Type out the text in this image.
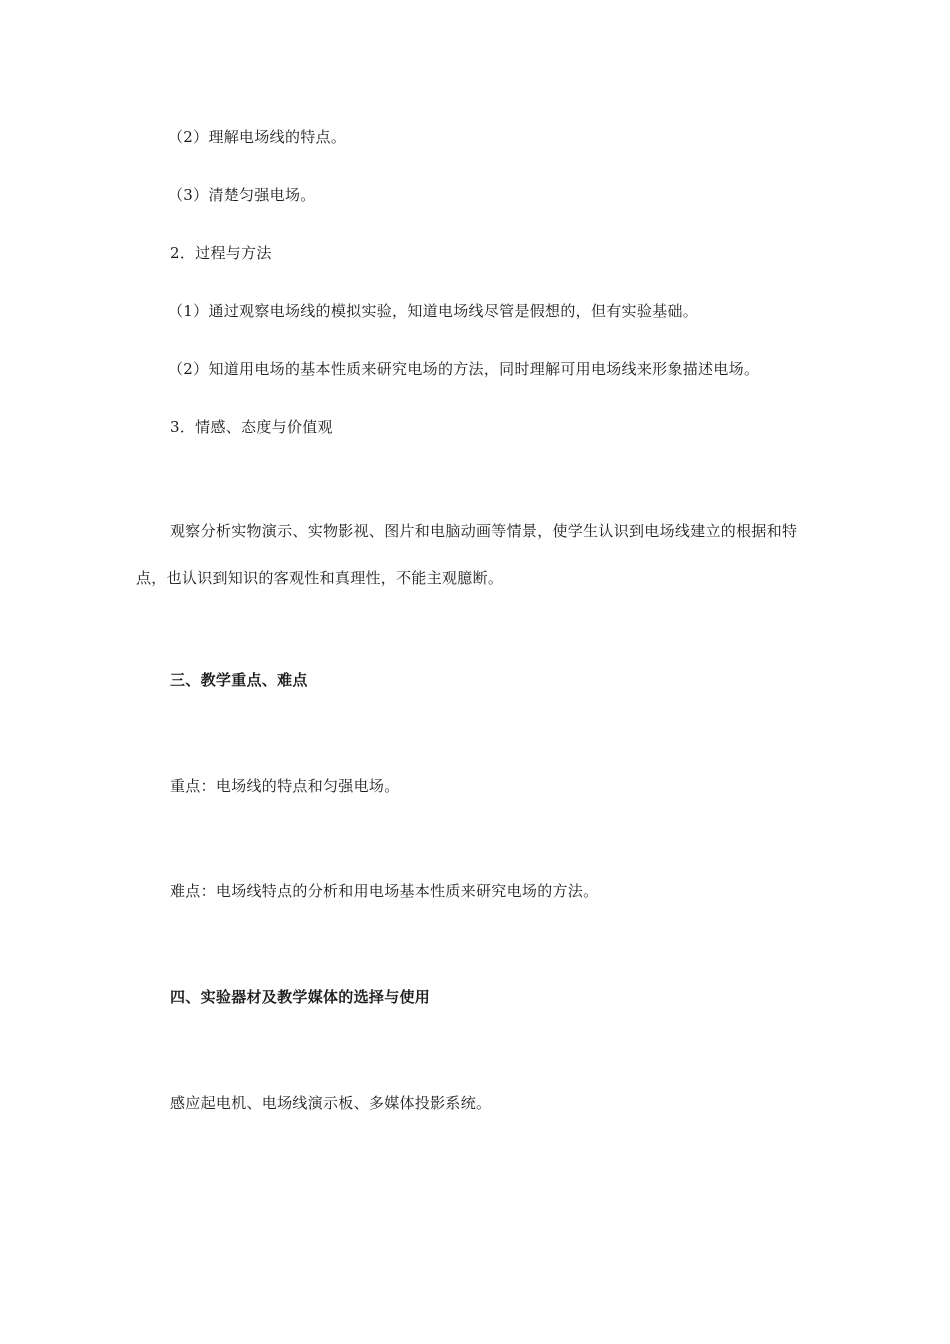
（2）理解电场线的特点。
（3）清楚匀强电场。
2．过程与方法
（1）通过观察电场线的模拟实验，知道电场线尽管是假想的，但有实验基础。
（2）知道用电场的基本性质来研究电场的方法，同时理解可用电场线来形象描述电场。
3．情感、态度与价值观
观察分析实物演示、实物影视、图片和电脑动画等情景，使学生认识到电场线建立的根据和特点，也认识到知识的客观性和真理性，不能主观臆断。
三、教学重点、难点
重点：电场线的特点和匀强电场。
难点：电场线特点的分析和用电场基本性质来研究电场的方法。
四、实验器材及教学媒体的选择与使用
感应起电机、电场线演示板、多媒体投影系统。
